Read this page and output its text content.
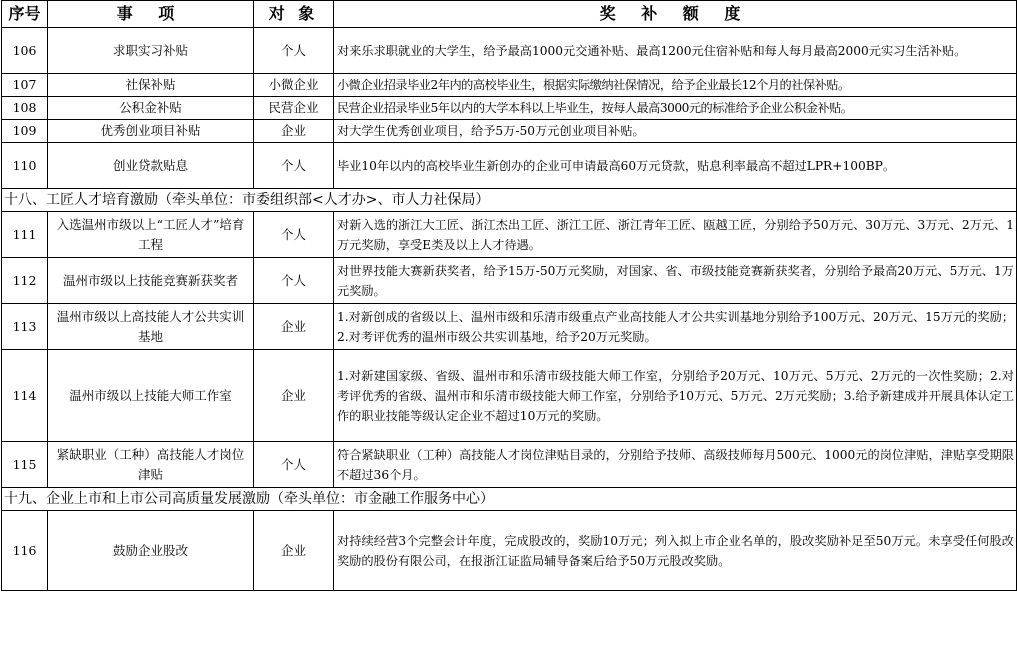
序号	事 项	对 象	奖 补 额 度
106	求职实习补贴	个人	对来乐求职就业的大学生，给予最高1000元交通补贴、最高1200元住宿补贴和每人每月最高2000元实习生活补贴。
107	社保补贴	小微企业	小微企业招录毕业2年内的高校毕业生，根据实际缴纳社保情况，给予企业最长12个月的社保补贴。
108	公积金补贴	民营企业	民营企业招录毕业5年以内的大学本科以上毕业生，按每人最高3000元的标准给予企业公积金补贴。
109	优秀创业项目补贴	企业	对大学生优秀创业项目，给予5万-50万元创业项目补贴。
110	创业贷款贴息	个人	毕业10年以内的高校毕业生新创办的企业可申请最高60万元贷款，贴息利率最高不超过LPR+100BP。
十八、工匠人才培育激励（牵头单位：市委组织部<人才办>、市人力社保局）			
111	入选温州市级以上“工匠人才”培育工程	个人	对新入选的浙江大工匠、浙江杰出工匠、浙江工匠、浙江青年工匠、瓯越工匠，分别给予50万元、30万元、3万元、2万元、1万元奖励，享受E类及以上人才待遇。
112	温州市级以上技能竞赛新获奖者	个人	对世界技能大赛新获奖者，给予15万-50万元奖励，对国家、省、市级技能竞赛新获奖者，分别给予最高20万元、5万元、1万元奖励。
113	温州市级以上高技能人才公共实训基地	企业	1.对新创成的省级以上、温州市级和乐清市级重点产业高技能人才公共实训基地分别给予100万元、20万元、15万元的奖励；2.对考评优秀的温州市级公共实训基地，给予20万元奖励。
114	温州市级以上技能大师工作室	企业	1.对新建国家级、省级、温州市和乐清市级技能大师工作室，分别给予20万元、10万元、5万元、2万元的一次性奖励；2.对考评优秀的省级、温州市和乐清市级技能大师工作室，分别给予10万元、5万元、2万元奖励；3.给予新建成并开展具体认定工作的职业技能等级认定企业不超过10万元的奖励。
115	紧缺职业（工种）高技能人才岗位津贴	个人	符合紧缺职业（工种）高技能人才岗位津贴目录的，分别给予技师、高级技师每月500元、1000元的岗位津贴，津贴享受期限不超过36个月。
十九、企业上市和上市公司高质量发展激励（牵头单位：市金融工作服务中心）			
116	鼓励企业股改	企业	对持续经营3个完整会计年度，完成股改的，奖励10万元；列入拟上市企业名单的，股改奖励补足至50万元。未享受任何股改奖励的股份有限公司，在报浙江证监局辅导备案后给予50万元股改奖励。
